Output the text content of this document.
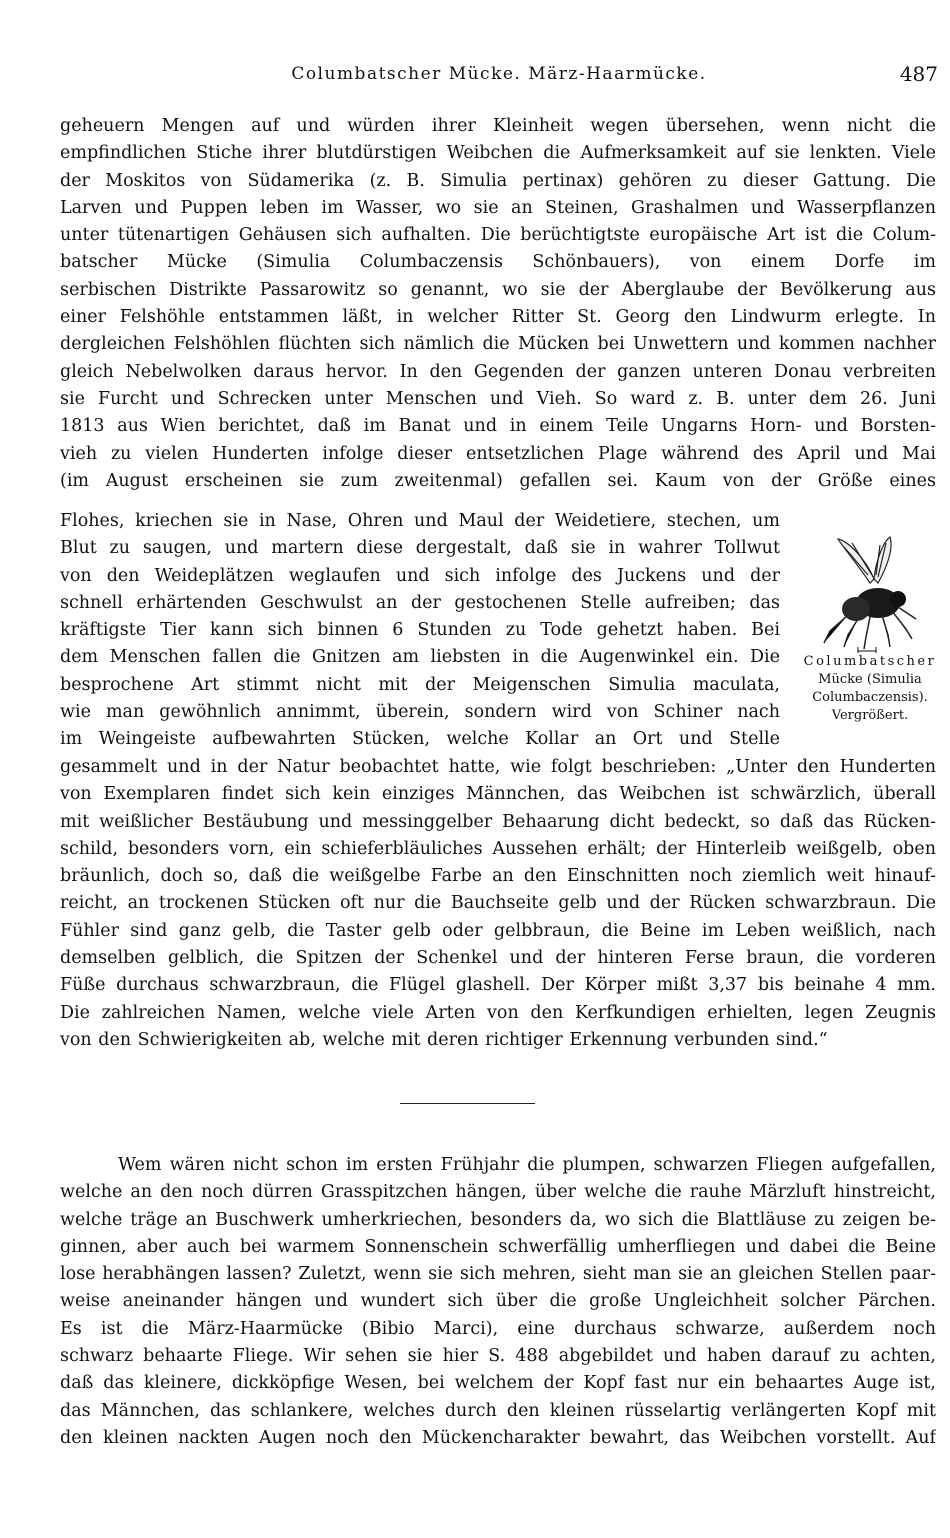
Columbatscher Mücke. März-Haarmücke.	487
geheuern Mengen auf und würden ihrer Kleinheit wegen übersehen, wenn nicht die
empfindlichen Stiche ihrer blutdürstigen Weibchen die Aufmerksamkeit auf sie lenkten. Viele
der Moskitos von Südamerika (z. B. Simulia pertinax) gehören zu dieser Gattung. Die
Larven und Puppen leben im Wasser, wo sie an Steinen, Grashalmen und Wasserpflanzen
unter tütenartigen Gehäusen sich aufhalten. Die berüchtigtste europäische Art ist die Colum-
batscher Mücke (Simulia Columbaczensis Schönbauers), von einem Dorfe im
serbischen Distrikte Passarowitz so genannt, wo sie der Aberglaube der Bevölkerung aus
einer Felshöhle entstammen läßt, in welcher Ritter St. Georg den Lindwurm erlegte. In
dergleichen Felshöhlen flüchten sich nämlich die Mücken bei Unwettern und kommen nachher
gleich Nebelwolken daraus hervor. In den Gegenden der ganzen unteren Donau verbreiten
sie Furcht und Schrecken unter Menschen und Vieh. So ward z. B. unter dem 26. Juni
1813 aus Wien berichtet, daß im Banat und in einem Teile Ungarns Horn- und Borsten-
vieh zu vielen Hunderten infolge dieser entsetzlichen Plage während des April und Mai
(im August erscheinen sie zum zweitenmal) gefallen sei. Kaum von der Größe eines
Flohes, kriechen sie in Nase, Ohren und Maul der Weidetiere, stechen, um
Blut zu saugen, und martern diese dergestalt, daß sie in wahrer Tollwut
von den Weideplätzen weglaufen und sich infolge des Juckens und der
schnell erhärtenden Geschwulst an der gestochenen Stelle aufreiben; das
kräftigste Tier kann sich binnen 6 Stunden zu Tode gehetzt haben. Bei
dem Menschen fallen die Gnitzen am liebsten in die Augenwinkel ein. Die
besprochene Art stimmt nicht mit der Meigenschen Simulia maculata,
wie man gewöhnlich annimmt, überein, sondern wird von Schiner nach
im Weingeiste aufbewahrten Stücken, welche Kollar an Ort und Stelle
Columbatscher
Mücke (Simulia
Columbaczensis).
Vergrößert.
gesammelt und in der Natur beobachtet hatte, wie folgt beschrieben: „Unter den Hunderten
von Exemplaren findet sich kein einziges Männchen, das Weibchen ist schwärzlich, überall
mit weißlicher Bestäubung und messinggelber Behaarung dicht bedeckt, so daß das Rücken-
schild, besonders vorn, ein schieferbläuliches Aussehen erhält; der Hinterleib weißgelb, oben
bräunlich, doch so, daß die weißgelbe Farbe an den Einschnitten noch ziemlich weit hinauf-
reicht, an trockenen Stücken oft nur die Bauchseite gelb und der Rücken schwarzbraun. Die
Fühler sind ganz gelb, die Taster gelb oder gelbbraun, die Beine im Leben weißlich, nach
demselben gelblich, die Spitzen der Schenkel und der hinteren Ferse braun, die vorderen
Füße durchaus schwarzbraun, die Flügel glashell. Der Körper mißt 3,37 bis beinahe 4 mm.
Die zahlreichen Namen, welche viele Arten von den Kerfkundigen erhielten, legen Zeugnis
von den Schwierigkeiten ab, welche mit deren richtiger Erkennung verbunden sind.“
Wem wären nicht schon im ersten Frühjahr die plumpen, schwarzen Fliegen aufgefallen,
welche an den noch dürren Grasspitzchen hängen, über welche die rauhe Märzluft hinstreicht,
welche träge an Buschwerk umherkriechen, besonders da, wo sich die Blattläuse zu zeigen be-
ginnen, aber auch bei warmem Sonnenschein schwerfällig umherfliegen und dabei die Beine
lose herabhängen lassen? Zuletzt, wenn sie sich mehren, sieht man sie an gleichen Stellen paar-
weise aneinander hängen und wundert sich über die große Ungleichheit solcher Pärchen.
Es ist die März-Haarmücke (Bibio Marci), eine durchaus schwarze, außerdem noch
schwarz behaarte Fliege. Wir sehen sie hier S. 488 abgebildet und haben darauf zu achten,
daß das kleinere, dickköpfige Wesen, bei welchem der Kopf fast nur ein behaartes Auge ist,
das Männchen, das schlankere, welches durch den kleinen rüsselartig verlängerten Kopf mit
den kleinen nackten Augen noch den Mückencharakter bewahrt, das Weibchen vorstellt. Auf
